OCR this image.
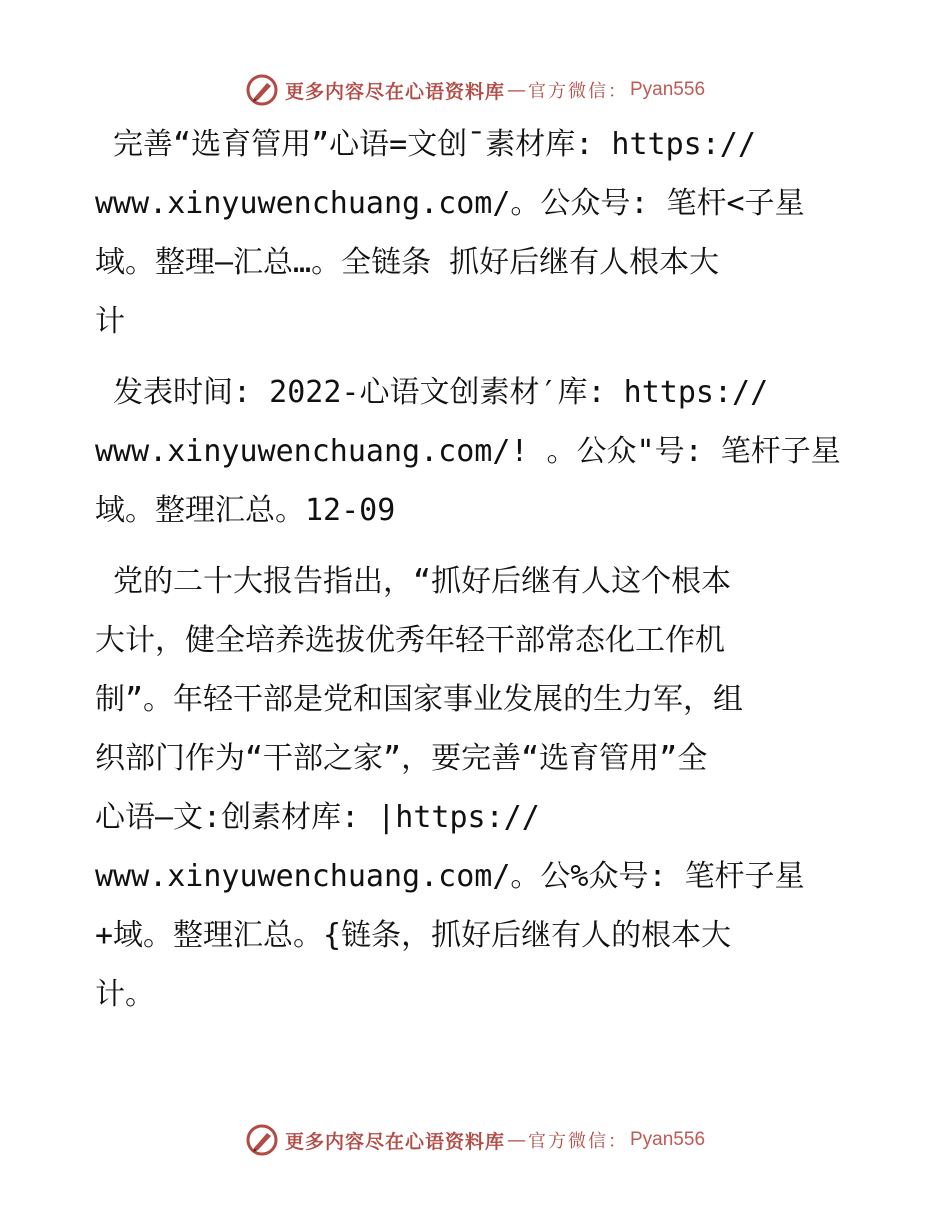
更多内容尽在心语资料库 — 官方微信： Pyan556
完善“选育管用”心语=文创¯素材库: https://
www.xinyuwenchuang.com/。公众号: 笔杆<子星
域。整理—汇总…。全链条 抓好后继有人根本大
计
发表时间: 2022-心语文创素材′库: https://
www.xinyuwenchuang.com/! 。公众"号: 笔杆子星
域。整理汇总。12-09
党的二十大报告指出，“抓好后继有人这个根本
大计，健全培养选拔优秀年轻干部常态化工作机
制”。年轻干部是党和国家事业发展的生力军，组
织部门作为“干部之家”，要完善“选育管用”全
心语—文:创素材库: |https://
www.xinyuwenchuang.com/。公%众号: 笔杆子星
+域。整理汇总。{链条，抓好后继有人的根本大
计。
更多内容尽在心语资料库 — 官方微信： Pyan556
